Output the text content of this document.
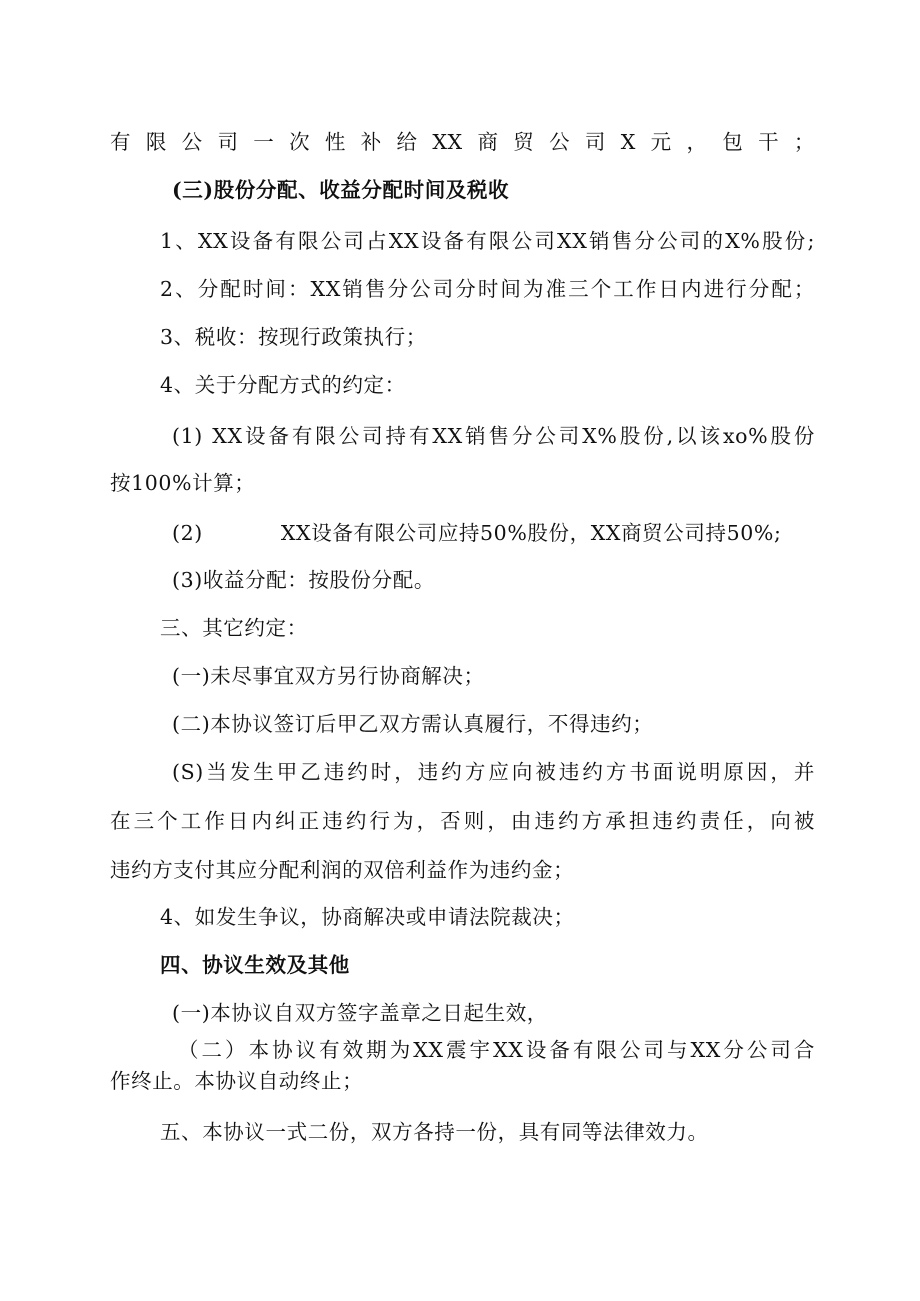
有限公司一次性补给XX商贸公司X元，包干；
(三)股份分配、收益分配时间及税收
1、XX设备有限公司占XX设备有限公司XX销售分公司的X%股份;
2、分配时间：XX销售分公司分时间为准三个工作日内进行分配；
3、税收：按现行政策执行；
4、关于分配方式的约定：
(1) XX设备有限公司持有XX销售分公司X%股份,以该xo%股份
按100%计算；
(2)	XX设备有限公司应持50%股份，XX商贸公司持50%;
(3)收益分配：按股份分配。
三、其它约定：
(一)未尽事宜双方另行协商解决；
(二)本协议签订后甲乙双方需认真履行，不得违约；
(S)当发生甲乙违约时，违约方应向被违约方书面说明原因，并
在三个工作日内纠正违约行为，否则，由违约方承担违约责任，向被
违约方支付其应分配利润的双倍利益作为违约金；
4、如发生争议，协商解决或申请法院裁决；
四、协议生效及其他
(一)本协议自双方签字盖章之日起生效，
（二）本协议有效期为XX震宇XX设备有限公司与XX分公司合
作终止。本协议自动终止；
五、本协议一式二份，双方各持一份，具有同等法律效力。
